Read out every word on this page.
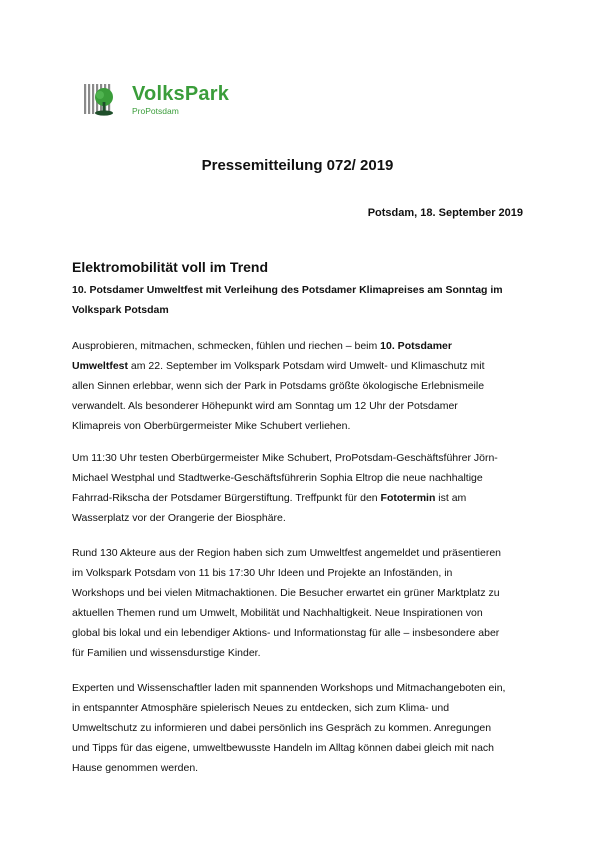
VolksPark
ProPotsdam
Pressemitteilung 072/ 2019
Potsdam, 18. September 2019
Elektromobilität voll im Trend
10. Potsdamer Umweltfest mit Verleihung des Potsdamer Klimapreises am Sonntag im Volkspark Potsdam
Ausprobieren, mitmachen, schmecken, fühlen und riechen – beim 10. Potsdamer
Umweltfest am 22. September im Volkspark Potsdam wird Umwelt- und Klimaschutz mit
allen Sinnen erlebbar, wenn sich der Park in Potsdams größte ökologische Erlebnismeile
verwandelt. Als besonderer Höhepunkt wird am Sonntag um 12 Uhr der Potsdamer
Klimapreis von Oberbürgermeister Mike Schubert verliehen.
Um 11:30 Uhr testen Oberbürgermeister Mike Schubert, ProPotsdam-Geschäftsführer Jörn-
Michael Westphal und Stadtwerke-Geschäftsführerin Sophia Eltrop die neue nachhaltige
Fahrrad-Rikscha der Potsdamer Bürgerstiftung. Treffpunkt für den Fototermin ist am
Wasserplatz vor der Orangerie der Biosphäre.
Rund 130 Akteure aus der Region haben sich zum Umweltfest angemeldet und präsentieren
im Volkspark Potsdam von 11 bis 17:30 Uhr Ideen und Projekte an Infoständen, in
Workshops und bei vielen Mitmachaktionen. Die Besucher erwartet ein grüner Marktplatz zu
aktuellen Themen rund um Umwelt, Mobilität und Nachhaltigkeit. Neue Inspirationen von
global bis lokal und ein lebendiger Aktions- und Informationstag für alle – insbesondere aber
für Familien und wissensdurstige Kinder.
Experten und Wissenschaftler laden mit spannenden Workshops und Mitmachangeboten ein,
in entspannter Atmosphäre spielerisch Neues zu entdecken, sich zum Klima- und
Umweltschutz zu informieren und dabei persönlich ins Gespräch zu kommen. Anregungen
und Tipps für das eigene, umweltbewusste Handeln im Alltag können dabei gleich mit nach
Hause genommen werden.
